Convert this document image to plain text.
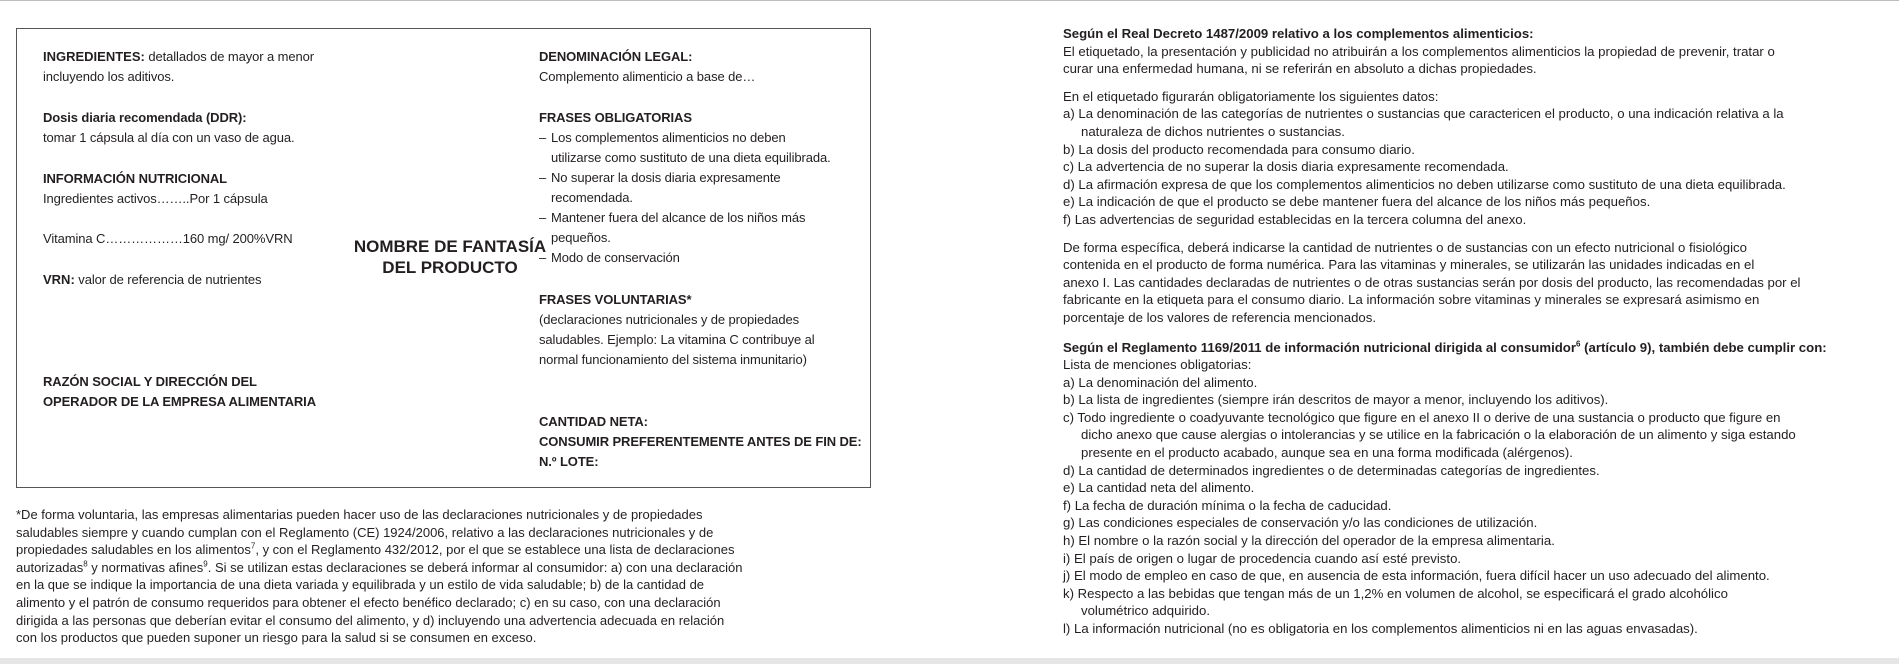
INGREDIENTES: detallados de mayor a menor

incluyendo los aditivos.

Dosis diaria recomendada (DDR):

tomar 1 cápsula al día con un vaso de agua.

INFORMACIÓN NUTRICIONAL

Ingredientes activos……..Por 1 cápsula

Vitamina C………………160 mg/ 200%VRN

VRN: valor de referencia de nutrientes

RAZÓN SOCIAL Y DIRECCIÓN DEL
OPERADOR DE LA EMPRESA ALIMENTARIA
NOMBRE DE FANTASÍA
DEL PRODUCTO
DENOMINACIÓN LEGAL:

Complemento alimenticio a base de…

FRASES OBLIGATORIAS
– Los complementos alimenticios no deben
utilizarse como sustituto de una dieta equilibrada.
– No superar la dosis diaria expresamente
recomendada.
– Mantener fuera del alcance de los niños más
pequeños.
– Modo de conservación
FRASES VOLUNTARIAS*

(declaraciones nutricionales y de propiedades

saludables. Ejemplo: La vitamina C contribuye al

normal funcionamiento del sistema inmunitario)

CANTIDAD NETA:
CONSUMIR PREFERENTEMENTE ANTES DE FIN DE:
N.º LOTE:

*De forma voluntaria, las empresas alimentarias pueden hacer uso de las declaraciones nutricionales y de propiedades

saludables siempre y cuando cumplan con el Reglamento (CE) 1924/2006, relativo a las declaraciones nutricionales y de

propiedades saludables en los alimentos$^7$, y con el Reglamento 432/2012, por el que se establece una lista de declaraciones

autorizadas$^8$ y normativas afines$^9$. Si se utilizan estas declaraciones se deberá informar al consumidor: a) con una declaración

en la que se indique la importancia de una dieta variada y equilibrada y un estilo de vida saludable; b) de la cantidad de

alimento y el patrón de consumo requeridos para obtener el efecto benéfico declarado; c) en su caso, con una declaración

dirigida a las personas que deberían evitar el consumo del alimento, y d) incluyendo una advertencia adecuada en relación

con los productos que pueden suponer un riesgo para la salud si se consumen en exceso.

Según el Real Decreto 1487/2009 relativo a los complementos alimenticios:

El etiquetado, la presentación y publicidad no atribuirán a los complementos alimenticios la propiedad de prevenir, tratar o

curar una enfermedad humana, ni se referirán en absoluto a dichas propiedades.

En el etiquetado figurarán obligatoriamente los siguientes datos:

a) La denominación de las categorías de nutrientes o sustancias que caractericen el producto, o una indicación relativa a la
naturaleza de dichos nutrientes o sustancias.
b) La dosis del producto recomendada para consumo diario.
c) La advertencia de no superar la dosis diaria expresamente recomendada.
d) La afirmación expresa de que los complementos alimenticios no deben utilizarse como sustituto de una dieta equilibrada.
e) La indicación de que el producto se debe mantener fuera del alcance de los niños más pequeños.
f) Las advertencias de seguridad establecidas en la tercera columna del anexo.

De forma específica, deberá indicarse la cantidad de nutrientes o de sustancias con un efecto nutricional o fisiológico

contenida en el producto de forma numérica. Para las vitaminas y minerales, se utilizarán las unidades indicadas en el

anexo I. Las cantidades declaradas de nutrientes o de otras sustancias serán por dosis del producto, las recomendadas por el

fabricante en la etiqueta para el consumo diario. La información sobre vitaminas y minerales se expresará asimismo en

porcentaje de los valores de referencia mencionados.

Según el Reglamento 1169/2011 de información nutricional dirigida al consumidor$^6$ (artículo 9), también debe cumplir con:

Lista de menciones obligatorias:

a) La denominación del alimento.
b) La lista de ingredientes (siempre irán descritos de mayor a menor, incluyendo los aditivos).
c) Todo ingrediente o coadyuvante tecnológico que figure en el anexo II o derive de una sustancia o producto que figure en
dicho anexo que cause alergias o intolerancias y se utilice en la fabricación o la elaboración de un alimento y siga estando
presente en el producto acabado, aunque sea en una forma modificada (alérgenos).
d) La cantidad de determinados ingredientes o de determinadas categorías de ingredientes.
e) La cantidad neta del alimento.
f) La fecha de duración mínima o la fecha de caducidad.
g) Las condiciones especiales de conservación y/o las condiciones de utilización.
h) El nombre o la razón social y la dirección del operador de la empresa alimentaria.
i) El país de origen o lugar de procedencia cuando así esté previsto.
j) El modo de empleo en caso de que, en ausencia de esta información, fuera difícil hacer un uso adecuado del alimento.
k) Respecto a las bebidas que tengan más de un 1,2% en volumen de alcohol, se especificará el grado alcohólico
volumétrico adquirido.
l) La información nutricional (no es obligatoria en los complementos alimenticios ni en las aguas envasadas).
